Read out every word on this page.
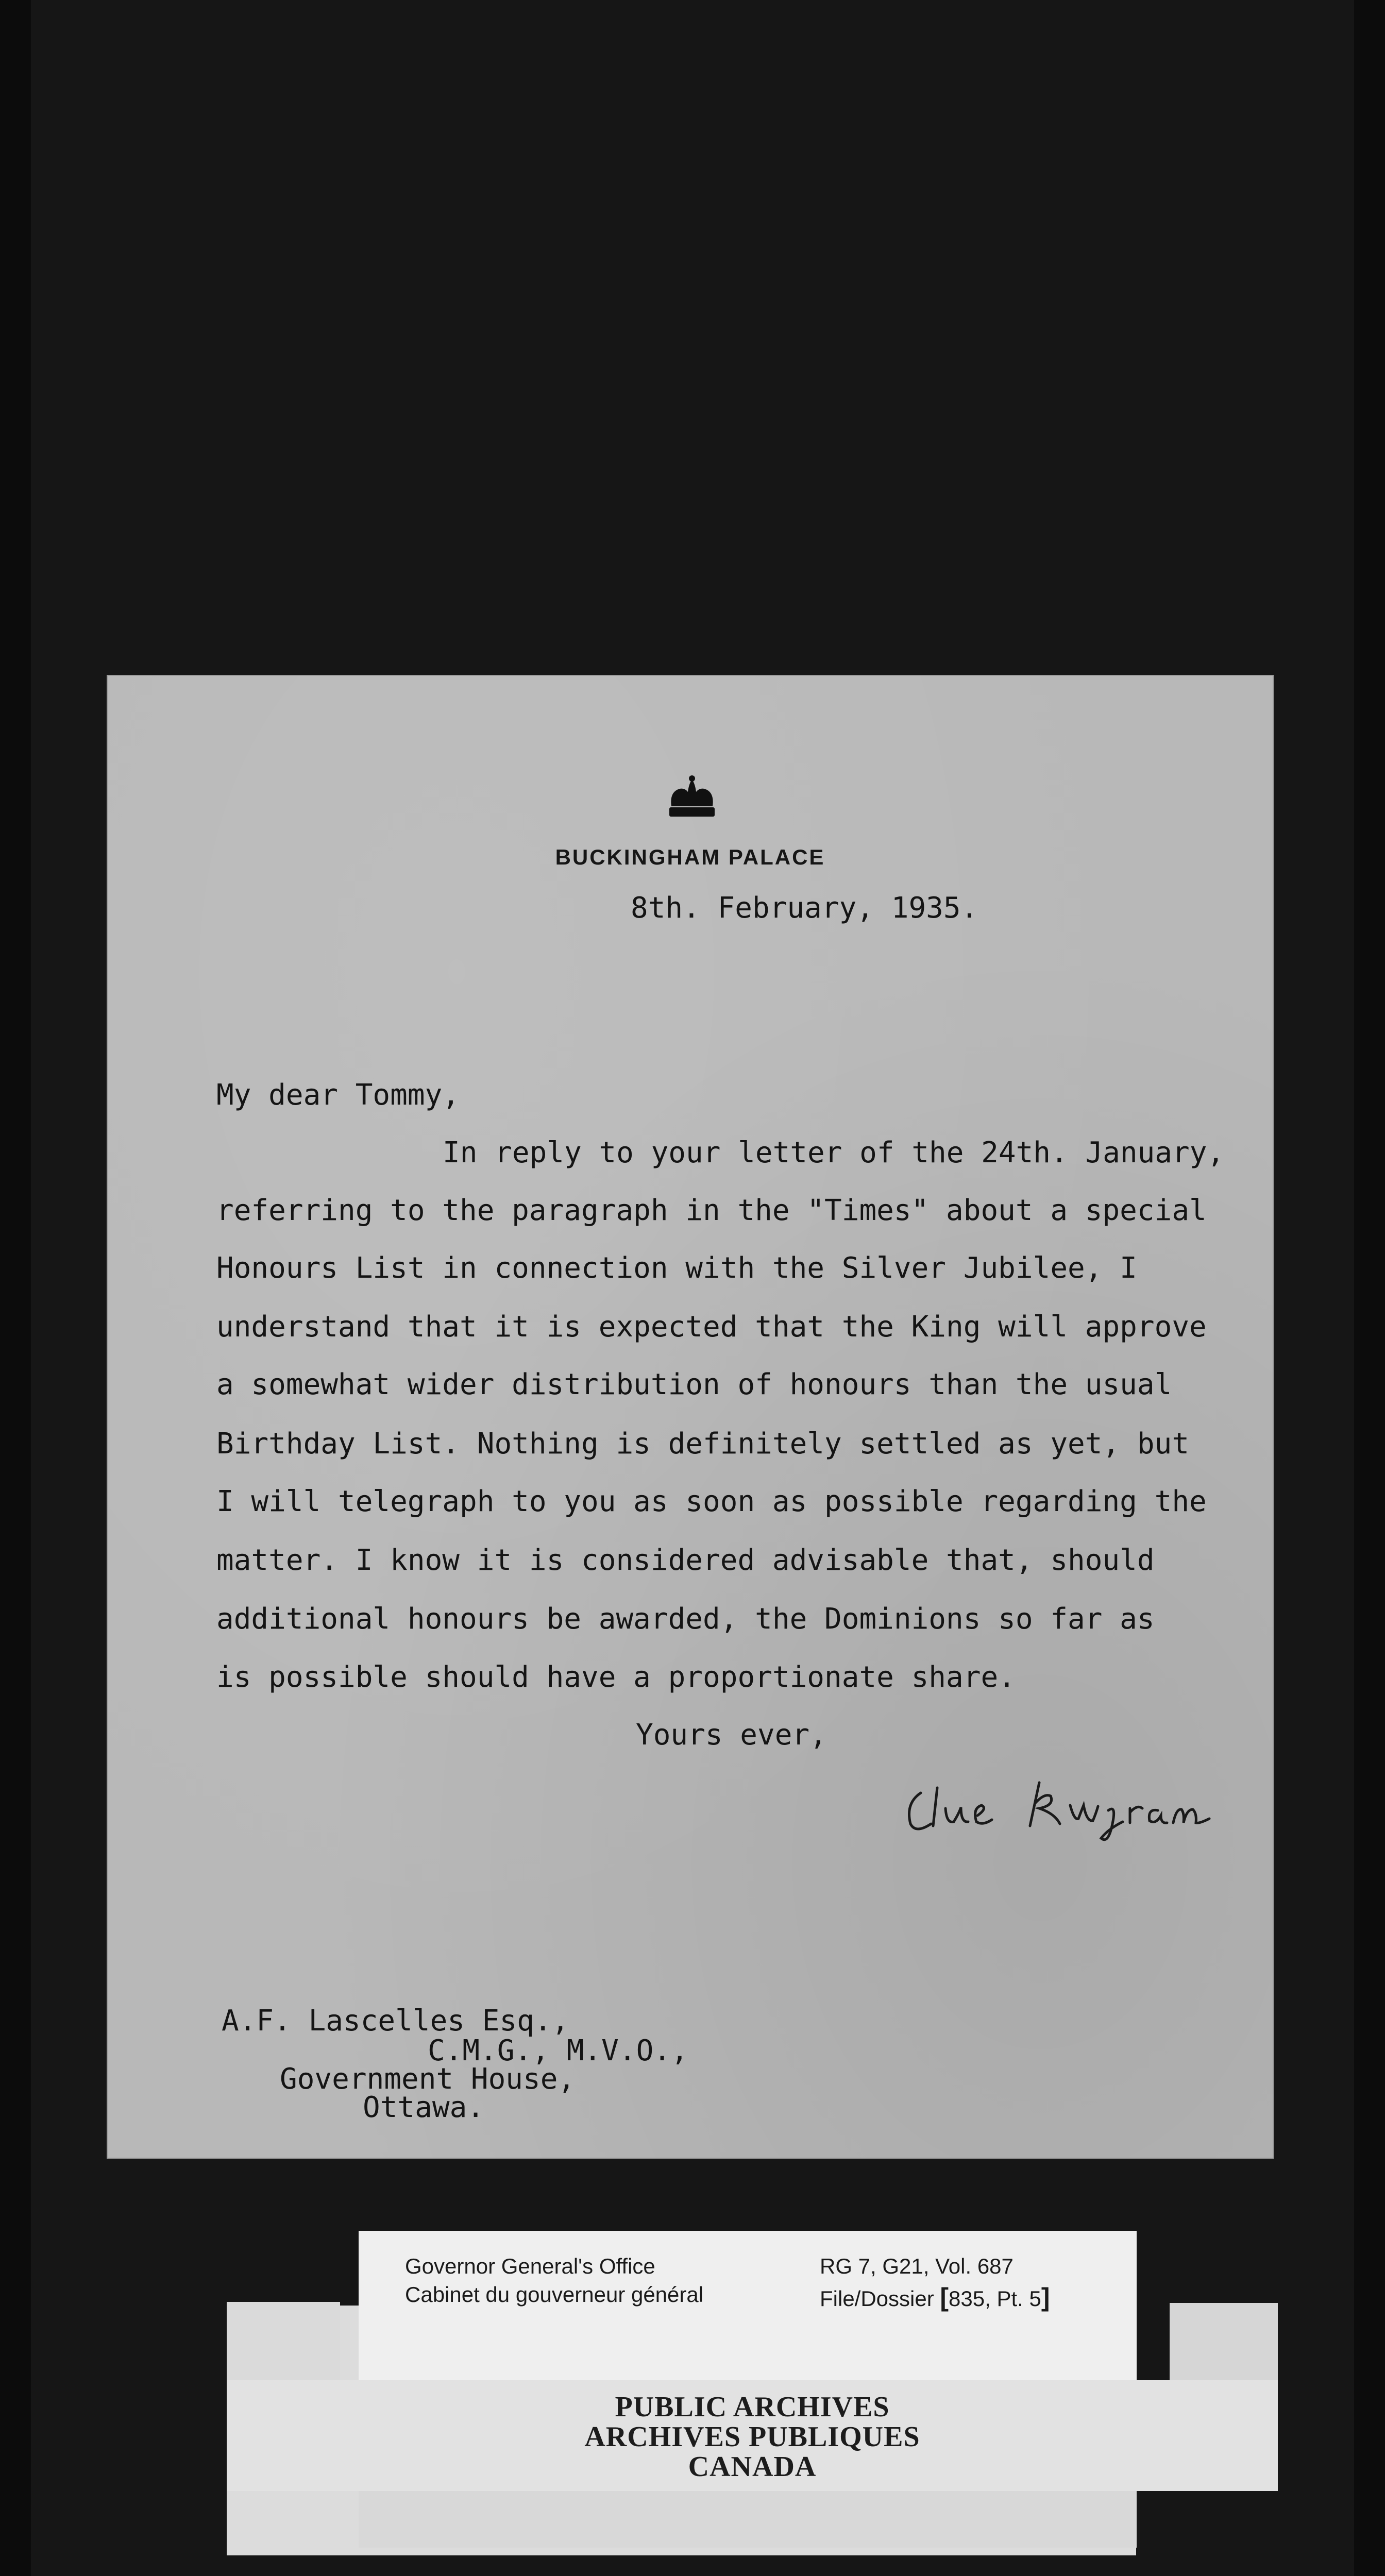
BUCKINGHAM PALACE
8th. February, 1935.
My dear Tommy,
In reply to your letter of the 24th. January,
referring to the paragraph in the "Times" about a special
Honours List in connection with the Silver Jubilee, I
understand that it is expected that the King will approve
a somewhat wider distribution of honours than the usual
Birthday List. Nothing is definitely settled as yet, but
I will telegraph to you as soon as possible regarding the
matter. I know it is considered advisable that, should
additional honours be awarded, the Dominions so far as
is possible should have a proportionate share.
Yours ever,
A.F. Lascelles Esq.,
C.M.G., M.V.O.,
Government House,
Ottawa.
Governor General's Office
Cabinet du gouverneur général
RG 7, G21, Vol. 687
File/Dossier [835, Pt. 5]
PUBLIC ARCHIVES
ARCHIVES PUBLIQUES
CANADA
